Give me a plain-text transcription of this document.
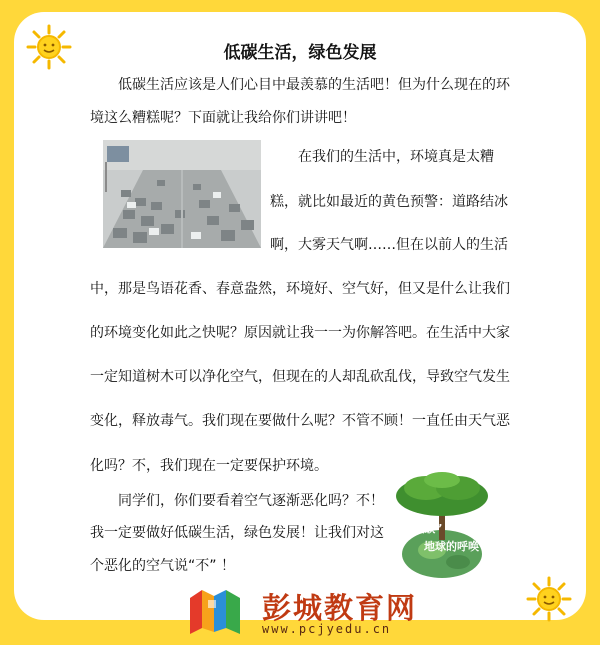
低碳生活，绿色发展
低碳生活应该是人们心目中最羡慕的生活吧！但为什么现在的环
境这么糟糕呢？下面就让我给你们讲讲吧！
在我们的生活中，环境真是太糟
糕，就比如最近的黄色预警：道路结冰
啊，大雾天气啊……但在以前人的生活
中，那是鸟语花香、春意盎然，环境好、空气好，但又是什么让我们
的环境变化如此之快呢？原因就让我一一为你解答吧。在生活中大家
一定知道树木可以净化空气，但现在的人却乱砍乱伐，导致空气发生
变化，释放毒气。我们现在要做什么呢？不管不顾！一直任由天气恶
化吗？不，我们现在一定要保护环境。
同学们，你们要看着空气逐渐恶化吗？不！
我一定要做好低碳生活，绿色发展！让我们对这
个恶化的空气说“不” ！
“低碳”
地球的呼唤
彭城教育网
www.pcjyedu.cn
